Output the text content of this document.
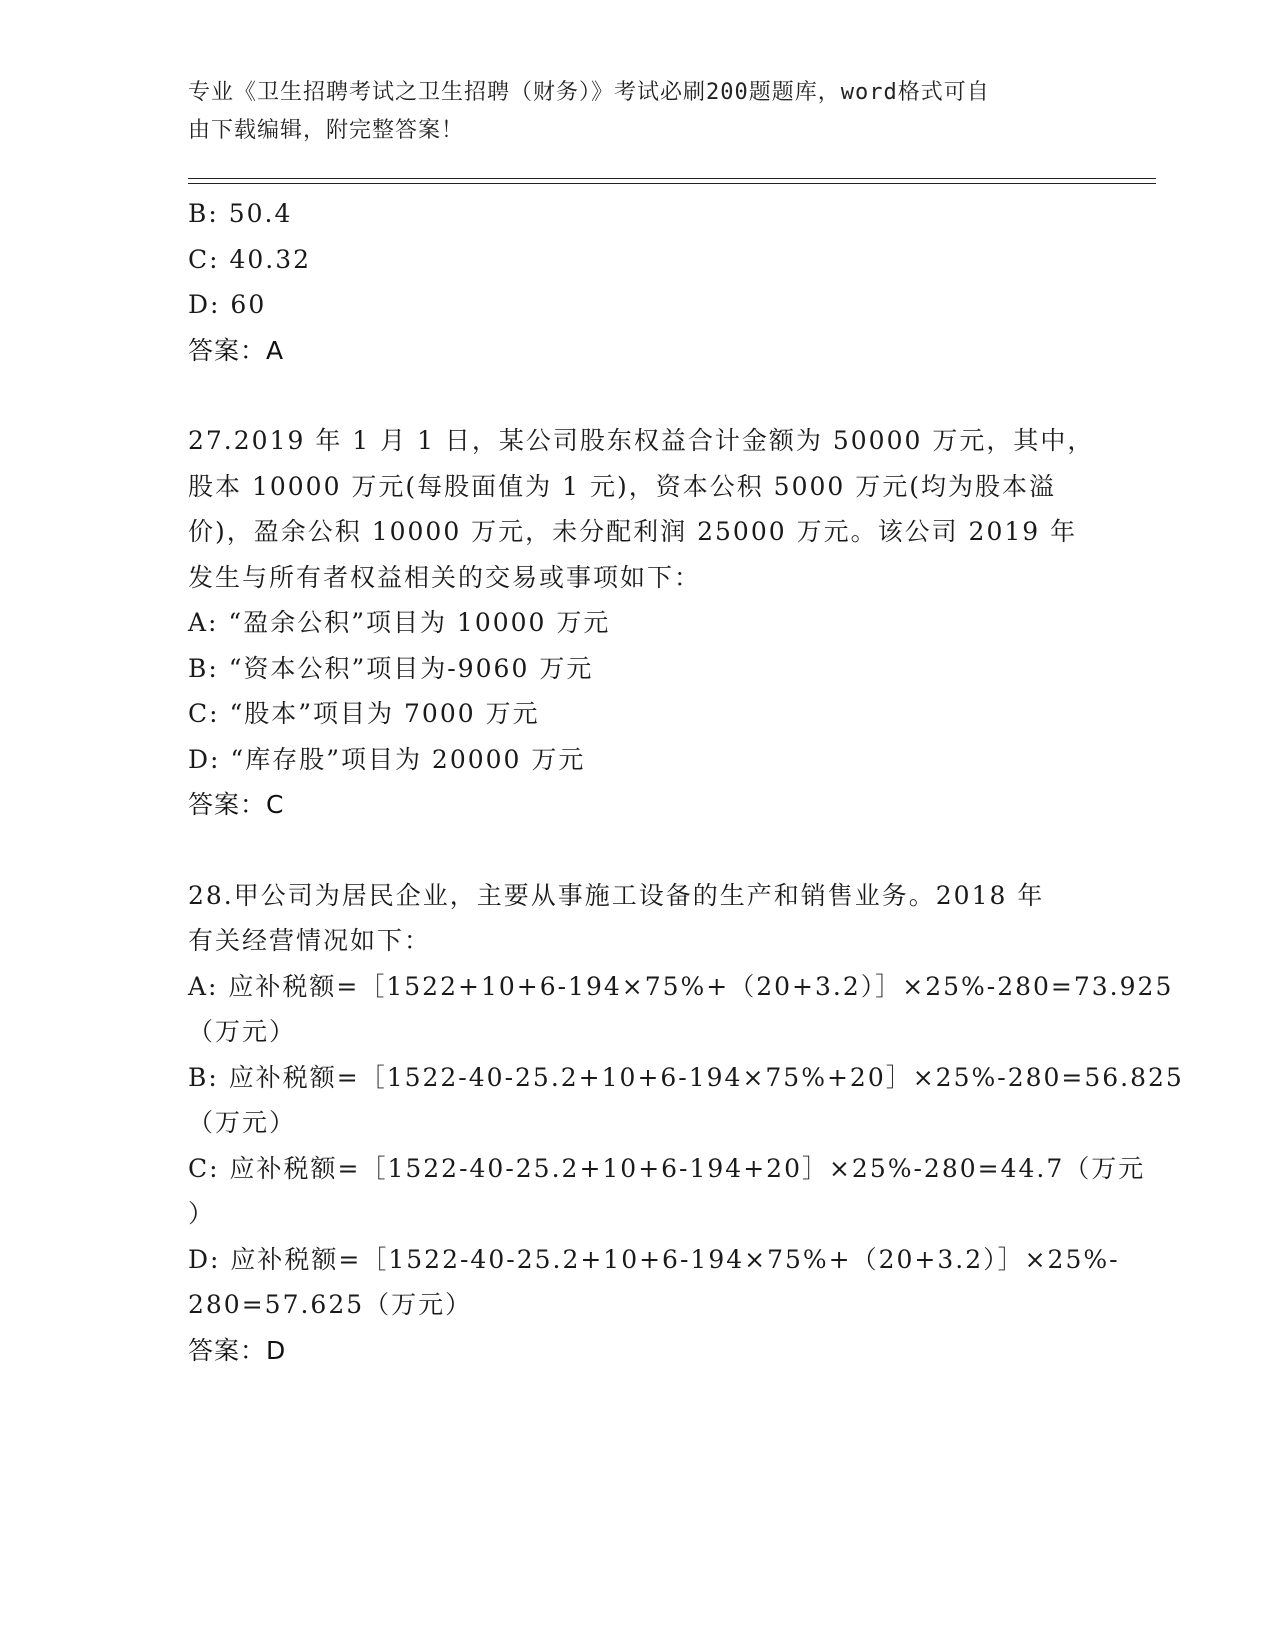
专业《卫生招聘考试之卫生招聘（财务）》考试必刷200题题库，word格式可自
由下载编辑，附完整答案！
B: 50.4
C: 40.32
D: 60
答案：A
27.2019 年 1 月 1 日，某公司股东权益合计金额为 50000 万元，其中，
股本 10000 万元(每股面值为 1 元)，资本公积 5000 万元(均为股本溢
价)，盈余公积 10000 万元，未分配利润 25000 万元。该公司 2019 年
发生与所有者权益相关的交易或事项如下：
A: “盈余公积”项目为 10000 万元
B: “资本公积”项目为-9060 万元
C: “股本”项目为 7000 万元
D: “库存股”项目为 20000 万元
答案：C
28.甲公司为居民企业，主要从事施工设备的生产和销售业务。2018 年
有关经营情况如下：
A: 应补税额=［1522+10+6-194×75%+（20+3.2）］×25%-280=73.925
（万元）
B: 应补税额=［1522-40-25.2+10+6-194×75%+20］×25%-280=56.825
（万元）
C: 应补税额=［1522-40-25.2+10+6-194+20］×25%-280=44.7（万元
）
D: 应补税额=［1522-40-25.2+10+6-194×75%+（20+3.2）］×25%-
280=57.625（万元）
答案：D
